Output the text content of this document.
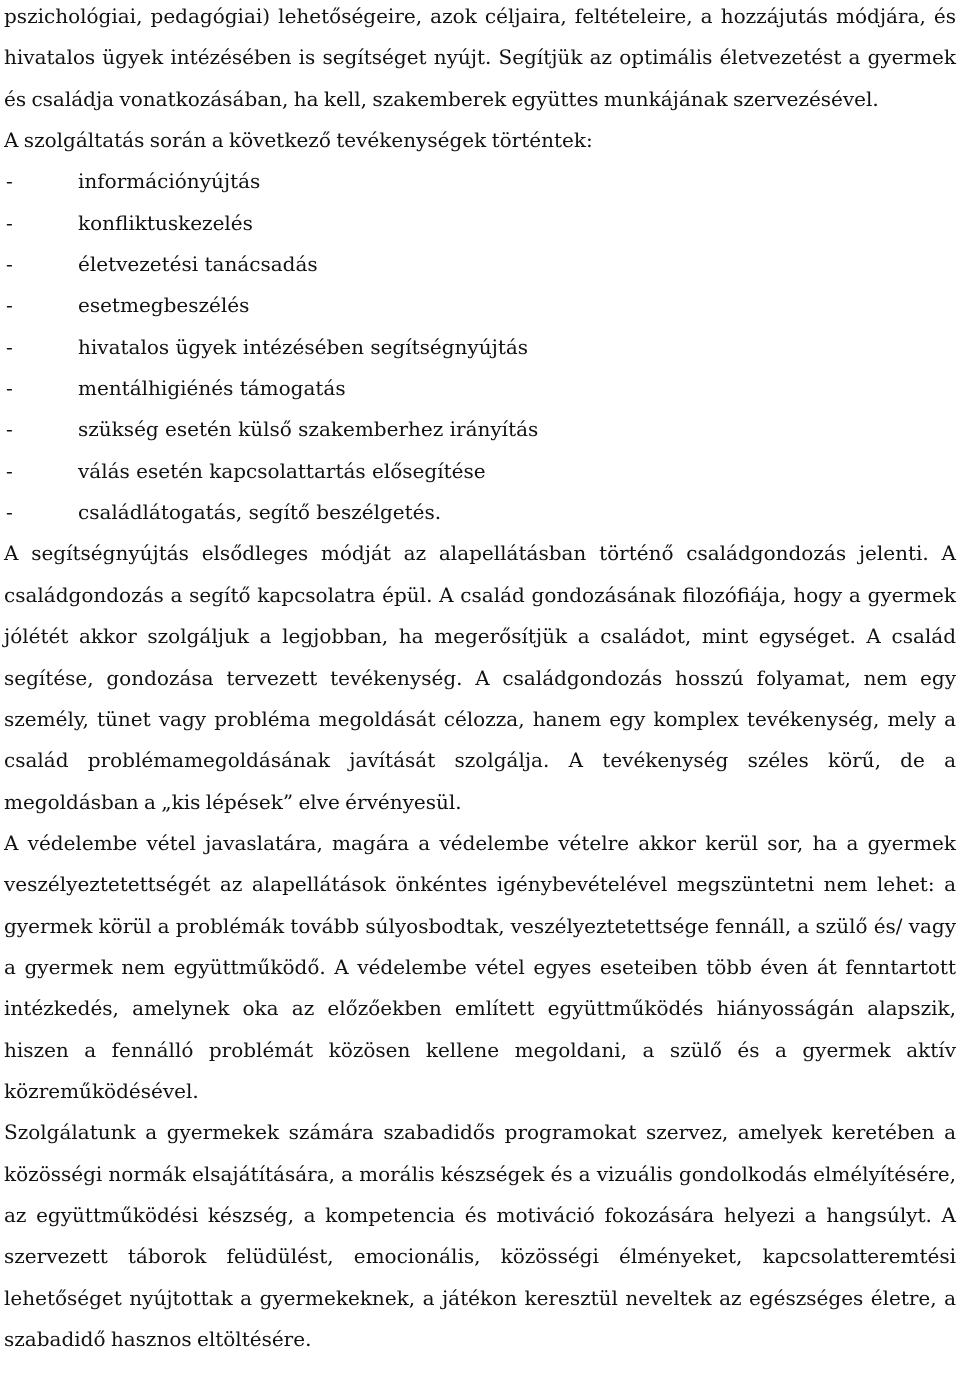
pszichológiai, pedagógiai) lehetőségeire, azok céljaira, feltételeire, a hozzájutás módjára, és hivatalos ügyek intézésében is segítséget nyújt. Segítjük az optimális életvezetést a gyermek és családja vonatkozásában, ha kell, szakemberek együttes munkájának szervezésével.

A szolgáltatás során a következő tevékenységek történtek:

-	információnyújtás
-	konfliktuskezelés
-	életvezetési tanácsadás
-	esetmegbeszélés
-	hivatalos ügyek intézésében segítségnyújtás
-	mentálhigiénés támogatás
-	szükség esetén külső szakemberhez irányítás
-	válás esetén kapcsolattartás elősegítése
-	családlátogatás, segítő beszélgetés.

A segítségnyújtás elsődleges módját az alapellátásban történő családgondozás jelenti. A családgondozás a segítő kapcsolatra épül. A család gondozásának filozófiája, hogy a gyermek jólétét akkor szolgáljuk a legjobban, ha megerősítjük a családot, mint egységet. A család segítése, gondozása tervezett tevékenység. A családgondozás hosszú folyamat, nem egy személy, tünet vagy probléma megoldását célozza, hanem egy komplex tevékenység, mely a család problémamegoldásának javítását szolgálja. A tevékenység széles körű, de a megoldásban a „kis lépések” elve érvényesül.

A védelembe vétel javaslatára, magára a védelembe vételre akkor kerül sor, ha a gyermek veszélyeztetettségét az alapellátások önkéntes igénybevételével megszüntetni nem lehet: a gyermek körül a problémák tovább súlyosbodtak, veszélyeztetettsége fennáll, a szülő és/ vagy a gyermek nem együttműködő. A védelembe vétel egyes eseteiben több éven át fenntartott intézkedés, amelynek oka az előzőekben említett együttműködés hiányosságán alapszik, hiszen a fennálló problémát közösen kellene megoldani, a szülő és a gyermek aktív közreműködésével.

Szolgálatunk a gyermekek számára szabadidős programokat szervez, amelyek keretében a közösségi normák elsajátítására, a morális készségek és a vizuális gondolkodás elmélyítésére, az együttműködési készség, a kompetencia és motiváció fokozására helyezi a hangsúlyt. A szervezett táborok felüdülést, emocionális, közösségi élményeket, kapcsolatteremtési lehetőséget nyújtottak a gyermekeknek, a játékon keresztül neveltek az egészséges életre, a szabadidő hasznos eltöltésére.
